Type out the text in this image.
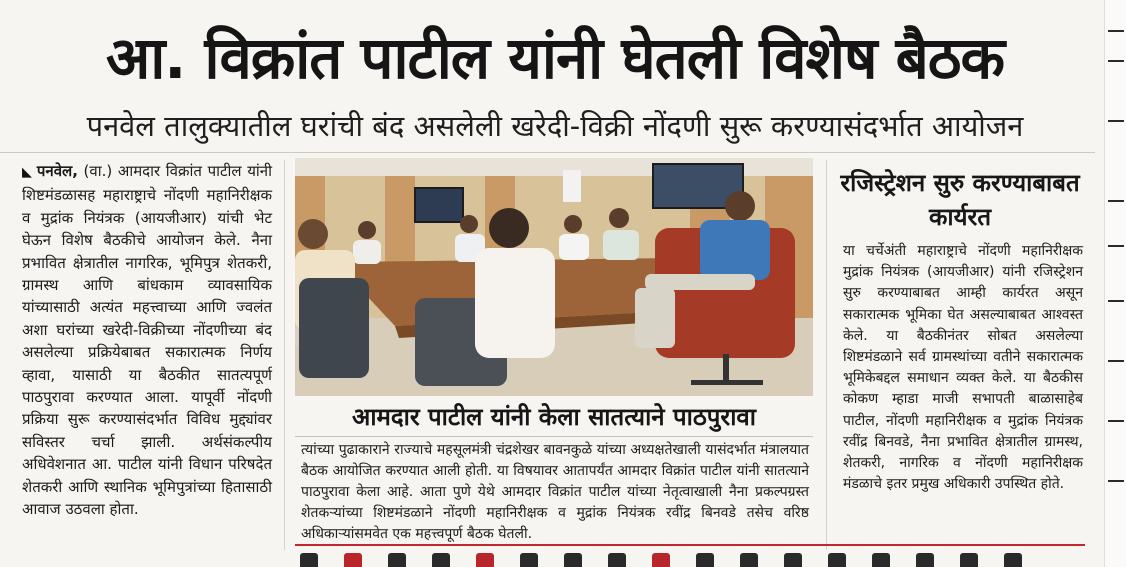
आ. विक्रांत पाटील यांनी घेतली विशेष बैठक
पनवेल तालुक्यातील घरांची बंद असलेली खरेदी-विक्री नोंदणी सुरू करण्यासंदर्भात आयोजन
◣ पनवेल, (वा.) आमदार विक्रांत पाटील यांनी शिष्टमंडळासह महाराष्ट्राचे नोंदणी महानिरीक्षक व मुद्रांक नियंत्रक (आयजीआर) यांची भेट घेऊन विशेष बैठकीचे आयोजन केले. नैना प्रभावित क्षेत्रातील नागरिक, भूमिपुत्र शेतकरी, ग्रामस्थ आणि बांधकाम व्यावसायिक यांच्यासाठी अत्यंत महत्त्वाच्या आणि ज्वलंत अशा घरांच्या खरेदी-विक्रीच्या नोंदणीच्या बंद असलेल्या प्रक्रियेबाबत सकारात्मक निर्णय व्हावा, यासाठी या बैठकीत सातत्यपूर्ण पाठपुरावा करण्यात आला. यापूर्वी नोंदणी प्रक्रिया सुरू करण्यासंदर्भात विविध मुद्द्यांवर सविस्तर चर्चा झाली. अर्थसंकल्पीय अधिवेशनात आ. पाटील यांनी विधान परिषदेत शेतकरी आणि स्थानिक भूमिपुत्रांच्या हितासाठी आवाज उठवला होता.
आमदार पाटील यांनी केला सातत्याने पाठपुरावा
त्यांच्या पुढाकाराने राज्याचे महसूलमंत्री चंद्रशेखर बावनकुळे यांच्या अध्यक्षतेखाली यासंदर्भात मंत्रालयात बैठक आयोजित करण्यात आली होती. या विषयावर आतापर्यंत आमदार विक्रांत पाटील यांनी सातत्याने पाठपुरावा केला आहे. आता पुणे येथे आमदार विक्रांत पाटील यांच्या नेतृत्वाखाली नैना प्रकल्पग्रस्त शेतकऱ्यांच्या शिष्टमंडळाने नोंदणी महानिरीक्षक व मुद्रांक नियंत्रक रवींद्र बिनवडे तसेच वरिष्ठ अधिकाऱ्यांसमवेत एक महत्त्वपूर्ण बैठक घेतली.
रजिस्ट्रेशन सुरु करण्याबाबत कार्यरत
या चर्चेअंती महाराष्ट्राचे नोंदणी महानिरीक्षक मुद्रांक नियंत्रक (आयजीआर) यांनी रजिस्ट्रेशन सुरु करण्याबाबत आम्ही कार्यरत असून सकारात्मक भूमिका घेत असल्याबाबत आश्वस्त केले. या बैठकीनंतर सोबत असलेल्या शिष्टमंडळाने सर्व ग्रामस्थांच्या वतीने सकारात्मक भूमिकेबद्दल समाधान व्यक्त केले. या बैठकीस कोकण म्हाडा माजी सभापती बाळासाहेब पाटील, नोंदणी महानिरीक्षक व मुद्रांक नियंत्रक रवींद्र बिनवडे, नैना प्रभावित क्षेत्रातील ग्रामस्थ, शेतकरी, नागरिक व नोंदणी महानिरीक्षक मंडळाचे इतर प्रमुख अधिकारी उपस्थित होते.
